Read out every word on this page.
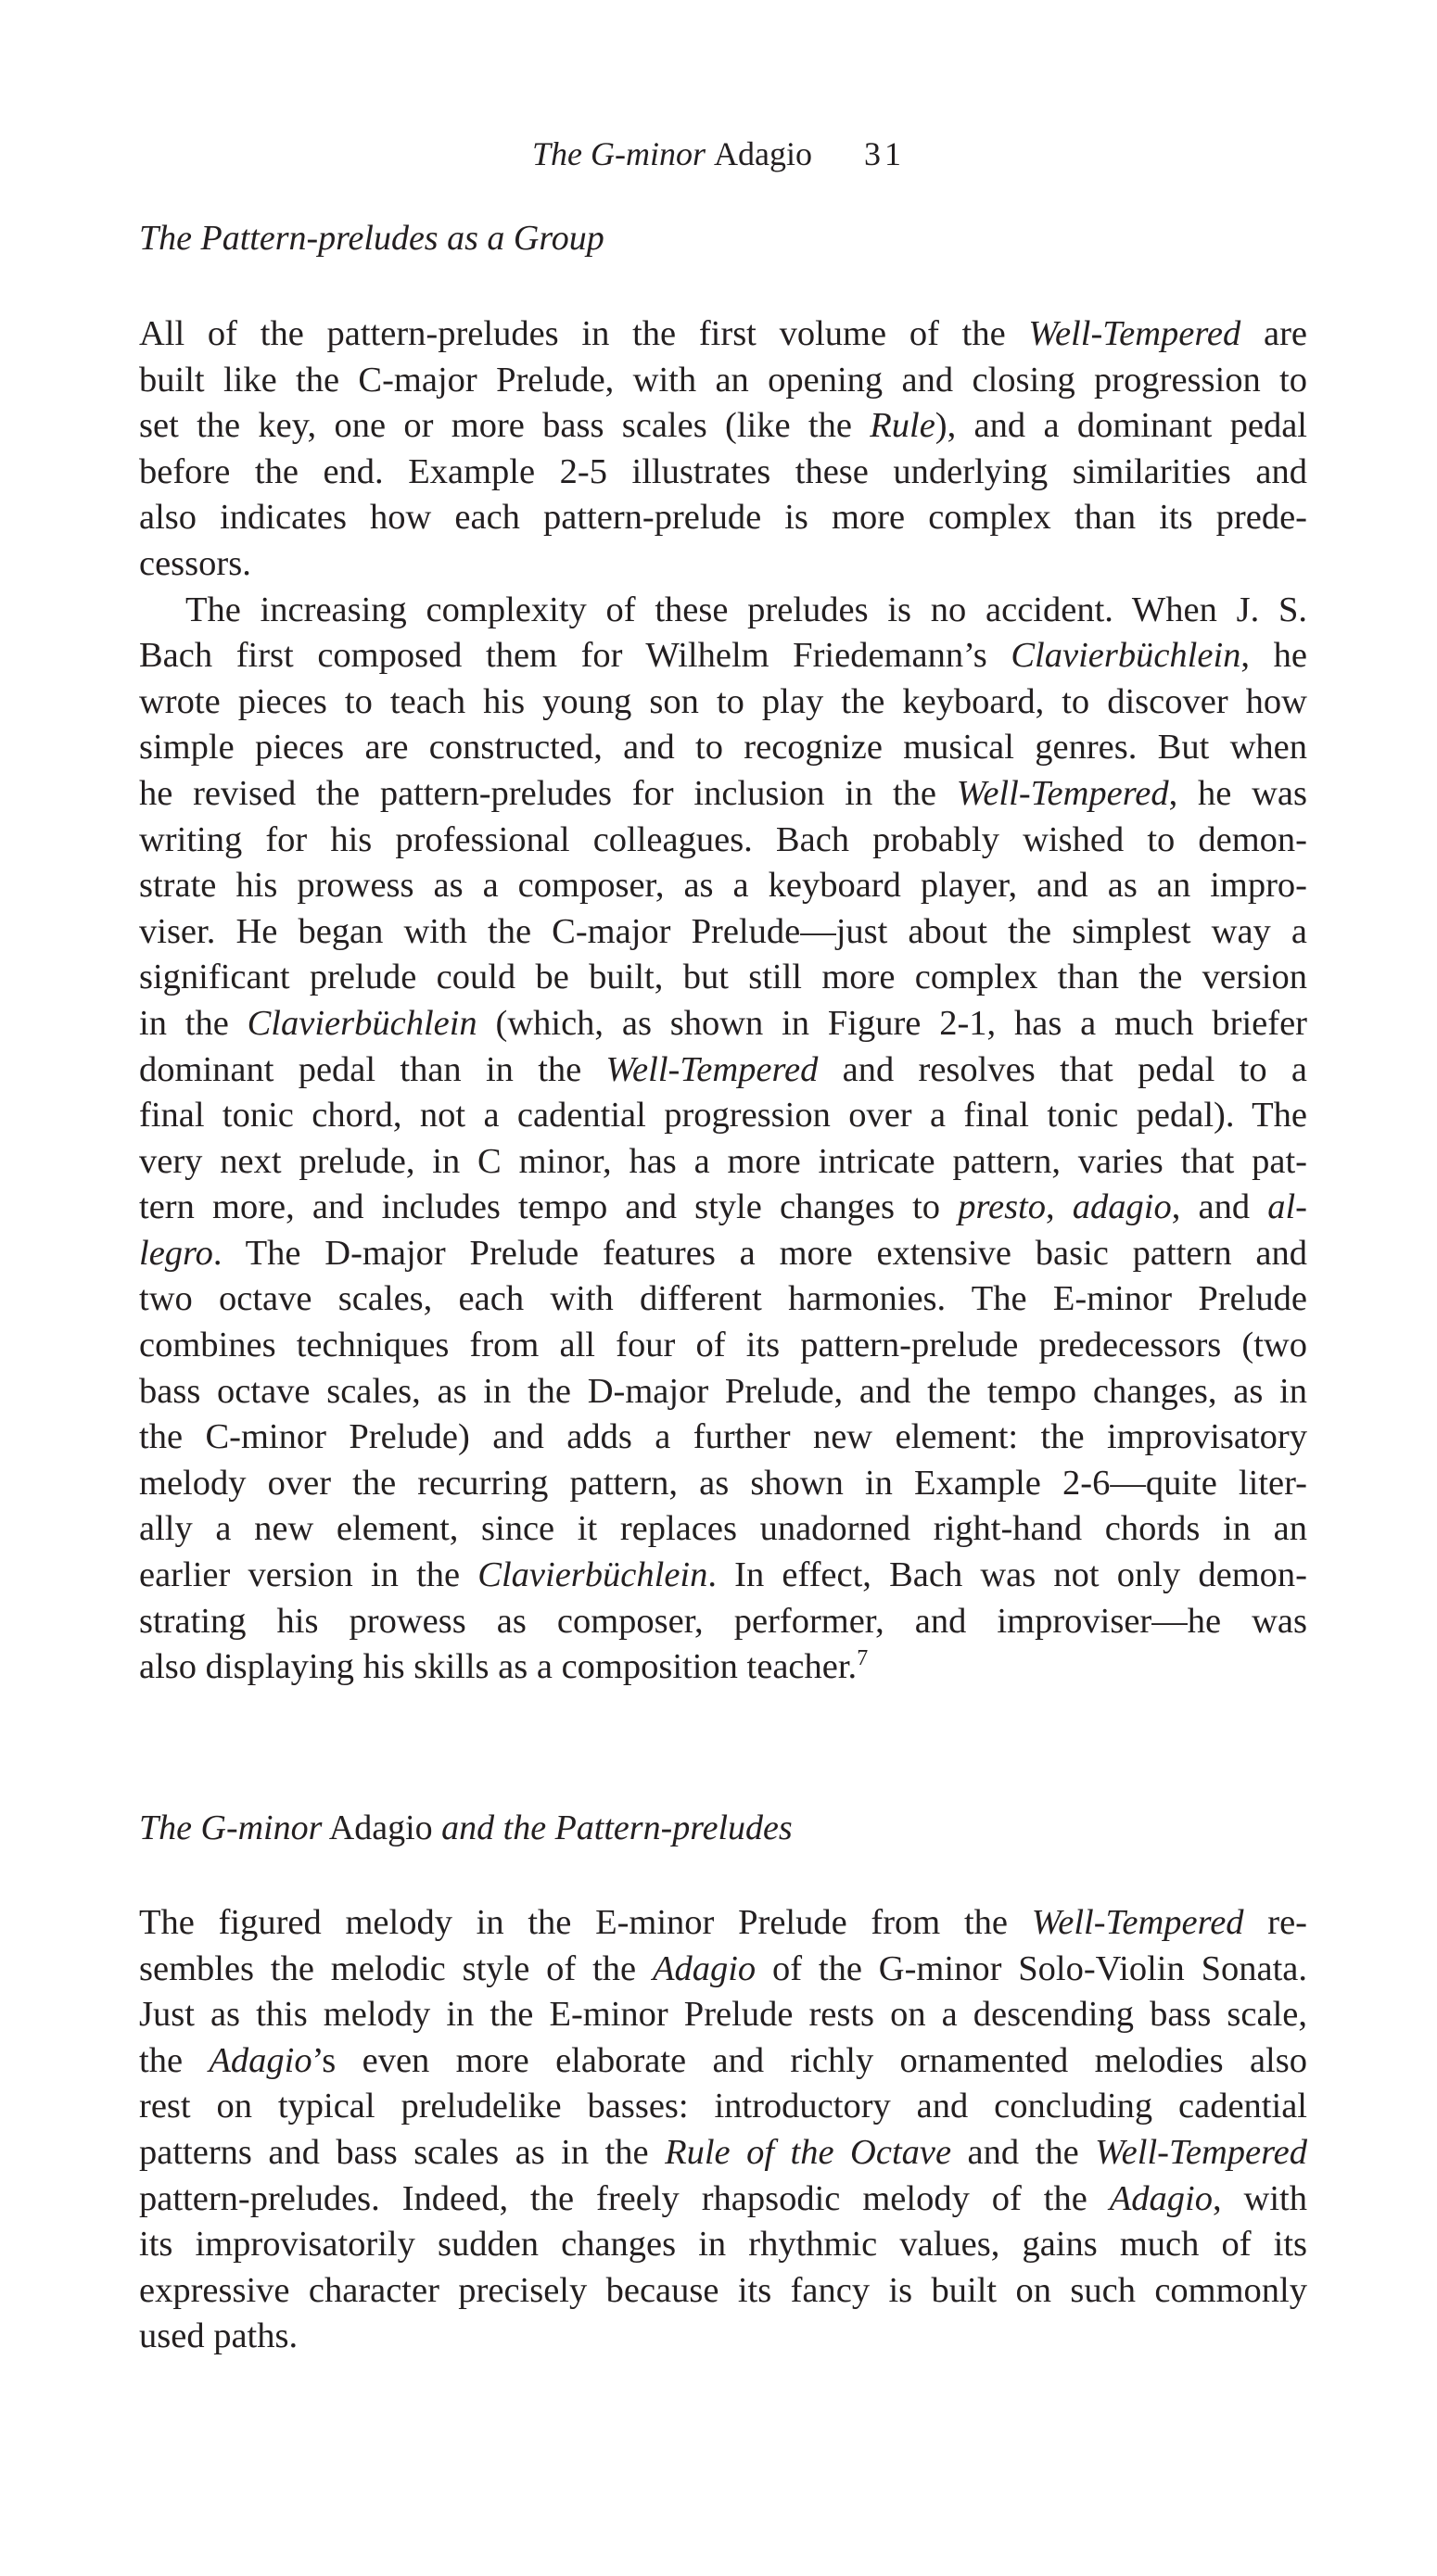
The G-minor Adagio 31
The Pattern-preludes as a Group
All of the pattern-preludes in the first volume of the Well-Tempered are
built like the C-major Prelude, with an opening and closing progression to
set the key, one or more bass scales (like the Rule), and a dominant pedal
before the end. Example 2-5 illustrates these underlying similarities and
also indicates how each pattern-prelude is more complex than its prede-
cessors.
The increasing complexity of these preludes is no accident. When J. S.
Bach first composed them for Wilhelm Friedemann’s Clavierbüchlein, he
wrote pieces to teach his young son to play the keyboard, to discover how
simple pieces are constructed, and to recognize musical genres. But when
he revised the pattern-preludes for inclusion in the Well-Tempered, he was
writing for his professional colleagues. Bach probably wished to demon-
strate his prowess as a composer, as a keyboard player, and as an impro-
viser. He began with the C-major Prelude—just about the simplest way a
significant prelude could be built, but still more complex than the version
in the Clavierbüchlein (which, as shown in Figure 2-1, has a much briefer
dominant pedal than in the Well-Tempered and resolves that pedal to a
final tonic chord, not a cadential progression over a final tonic pedal). The
very next prelude, in C minor, has a more intricate pattern, varies that pat-
tern more, and includes tempo and style changes to presto, adagio, and al-
legro. The D-major Prelude features a more extensive basic pattern and
two octave scales, each with different harmonies. The E-minor Prelude
combines techniques from all four of its pattern-prelude predecessors (two
bass octave scales, as in the D-major Prelude, and the tempo changes, as in
the C-minor Prelude) and adds a further new element: the improvisatory
melody over the recurring pattern, as shown in Example 2-6—quite liter-
ally a new element, since it replaces unadorned right-hand chords in an
earlier version in the Clavierbüchlein. In effect, Bach was not only demon-
strating his prowess as composer, performer, and improviser—he was
also displaying his skills as a composition teacher.$^7$
The G-minor Adagio and the Pattern-preludes
The figured melody in the E-minor Prelude from the Well-Tempered re-
sembles the melodic style of the Adagio of the G-minor Solo-Violin Sonata.
Just as this melody in the E-minor Prelude rests on a descending bass scale,
the Adagio’s even more elaborate and richly ornamented melodies also
rest on typical preludelike basses: introductory and concluding cadential
patterns and bass scales as in the Rule of the Octave and the Well-Tempered
pattern-preludes. Indeed, the freely rhapsodic melody of the Adagio, with
its improvisatorily sudden changes in rhythmic values, gains much of its
expressive character precisely because its fancy is built on such commonly
used paths.
